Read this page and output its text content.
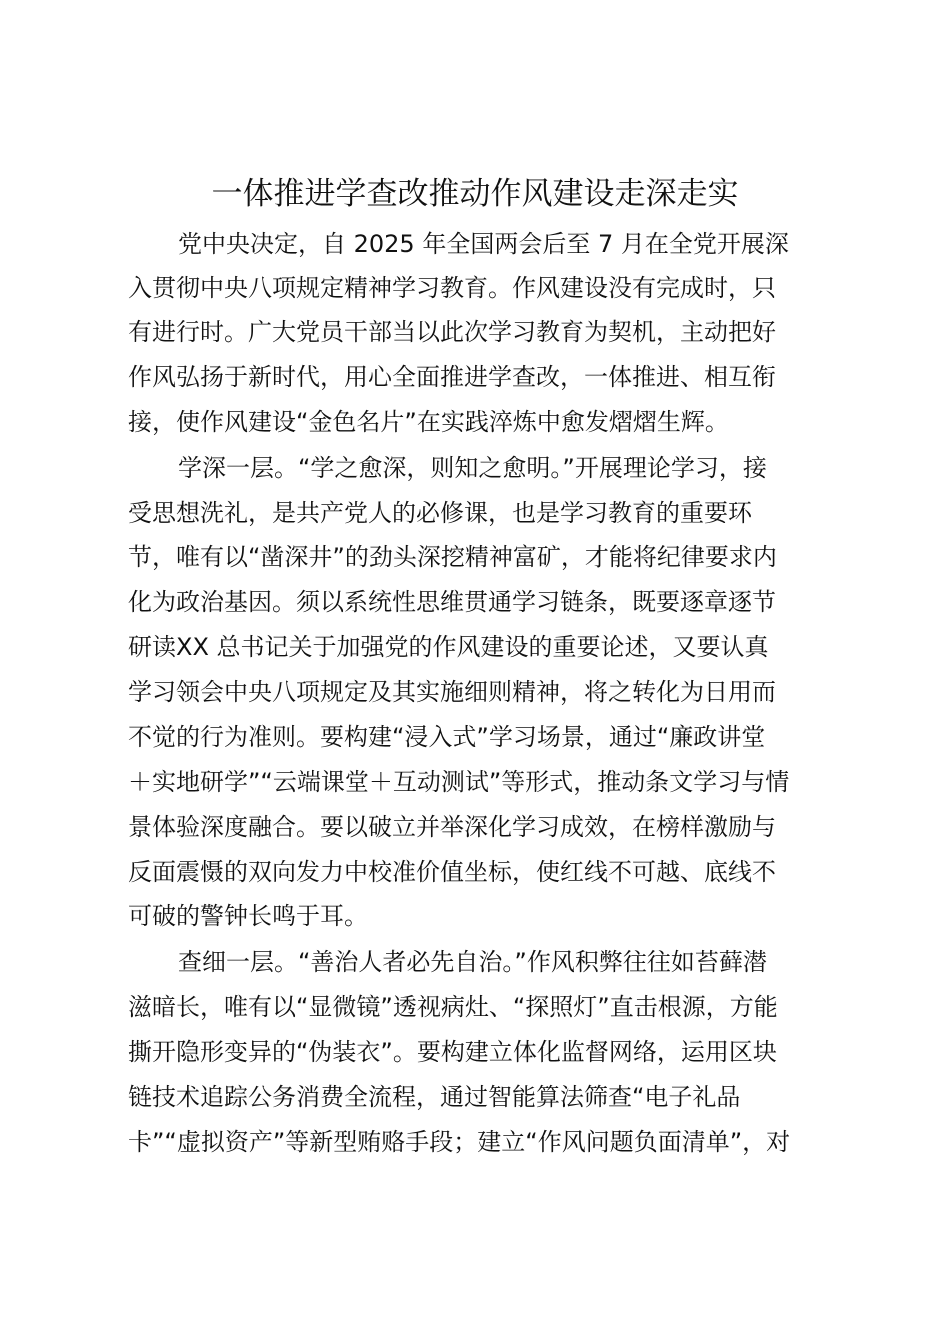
一体推进学查改推动作风建设走深走实
党中央决定，自 2025 年全国两会后至 7 月在全党开展深
入贯彻中央八项规定精神学习教育。作风建设没有完成时，只
有进行时。广大党员干部当以此次学习教育为契机，主动把好
作风弘扬于新时代，用心全面推进学查改，一体推进、相互衔
接，使作风建设“金色名片”在实践淬炼中愈发熠熠生辉。
学深一层。“学之愈深，则知之愈明。”开展理论学习，接
受思想洗礼，是共产党人的必修课，也是学习教育的重要环
节，唯有以“凿深井”的劲头深挖精神富矿，才能将纪律要求内
化为政治基因。须以系统性思维贯通学习链条，既要逐章逐节
研读XX 总书记关于加强党的作风建设的重要论述，又要认真
学习领会中央八项规定及其实施细则精神，将之转化为日用而
不觉的行为准则。要构建“浸入式”学习场景，通过“廉政讲堂
＋实地研学”“云端课堂＋互动测试”等形式，推动条文学习与情
景体验深度融合。要以破立并举深化学习成效，在榜样激励与
反面震慑的双向发力中校准价值坐标，使红线不可越、底线不
可破的警钟长鸣于耳。
查细一层。“善治人者必先自治。”作风积弊往往如苔藓潜
滋暗长，唯有以“显微镜”透视病灶、“探照灯”直击根源，方能
撕开隐形变异的“伪装衣”。要构建立体化监督网络，运用区块
链技术追踪公务消费全流程，通过智能算法筛查“电子礼品
卡”“虚拟资产”等新型贿赂手段；建立“作风问题负面清单”，对
